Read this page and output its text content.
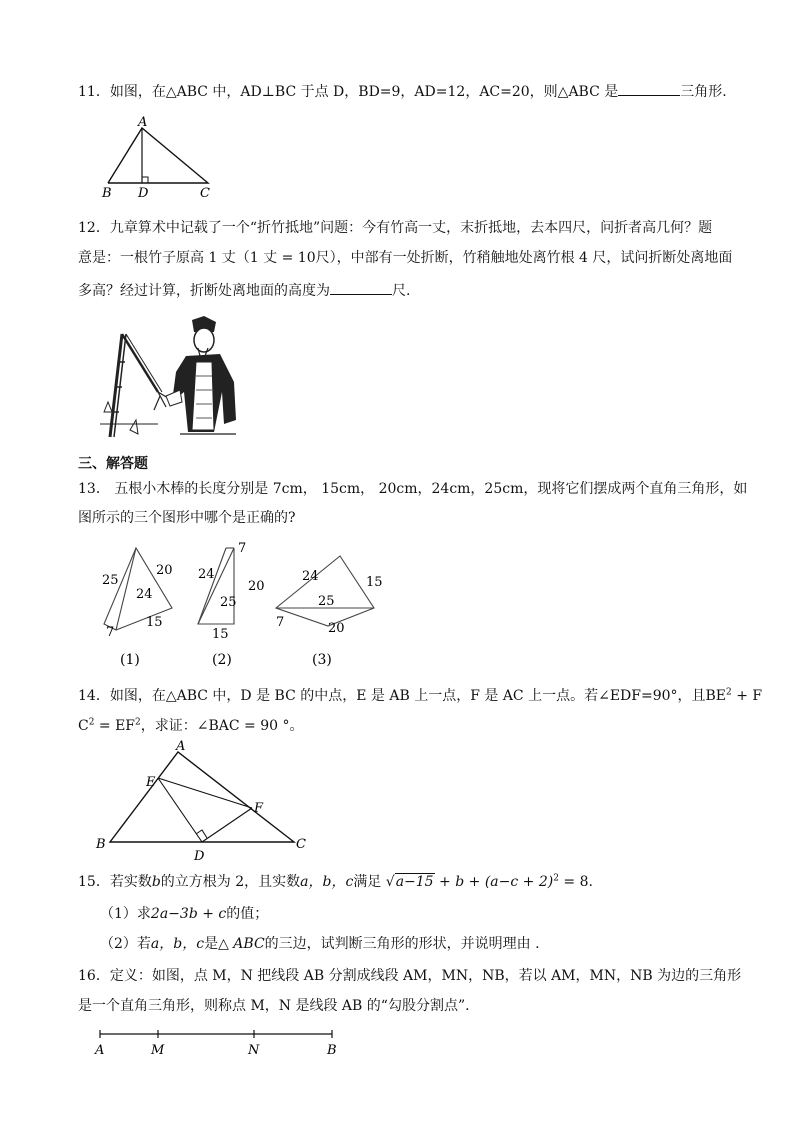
11．如图，在△ABC 中，AD⊥BC 于点 D，BD=9，AD=12，AC=20，则△ABC 是	三角形.
A
B D	C
12．九章算术中记载了一个“折竹抵地”问题：今有竹高一丈，末折抵地，去本四尺，问折者高几何？题
意是：一根竹子原高 1 丈（1 丈 = 10尺），中部有一处折断，竹稍触地处离竹根 4 尺，试问折断处离地面
多高？经过计算，折断处离地面的高度为	尺.
三、解答题
13． 五根小木棒的长度分别是 7cm， 15cm， 20cm，24cm，25cm，现将它们摆成两个直角三角形，如
图所示的三个图形中哪个是正确的?
25
20
24
7
15
(1)
7
24
20
25
15
(2)
24	15
25
7	20
(3)
14．如图，在△ABC 中，D 是 BC 的中点，E 是 AB 上一点，F 是 AC 上一点。若∠EDF=90°，且$BE^2 + F$
$C^2 = EF^2$，求证：∠BAC = 90 °。
A
B	C
D
E
F
15．若实数b的立方根为 2，且实数a，b，c满足 $√a-15 + b + (a-c + 2)^2 = 8$.
（1）求2a−3b + c的值；
（2）若a，b，c是△ ABC的三边，试判断三角形的形状，并说明理由 .
16．定义：如图，点 M，N 把线段 AB 分割成线段 AM，MN，NB，若以 AM，MN，NB 为边的三角形
是一个直角三角形，则称点 M，N 是线段 AB 的“勾股分割点”.
A	M	N	B
